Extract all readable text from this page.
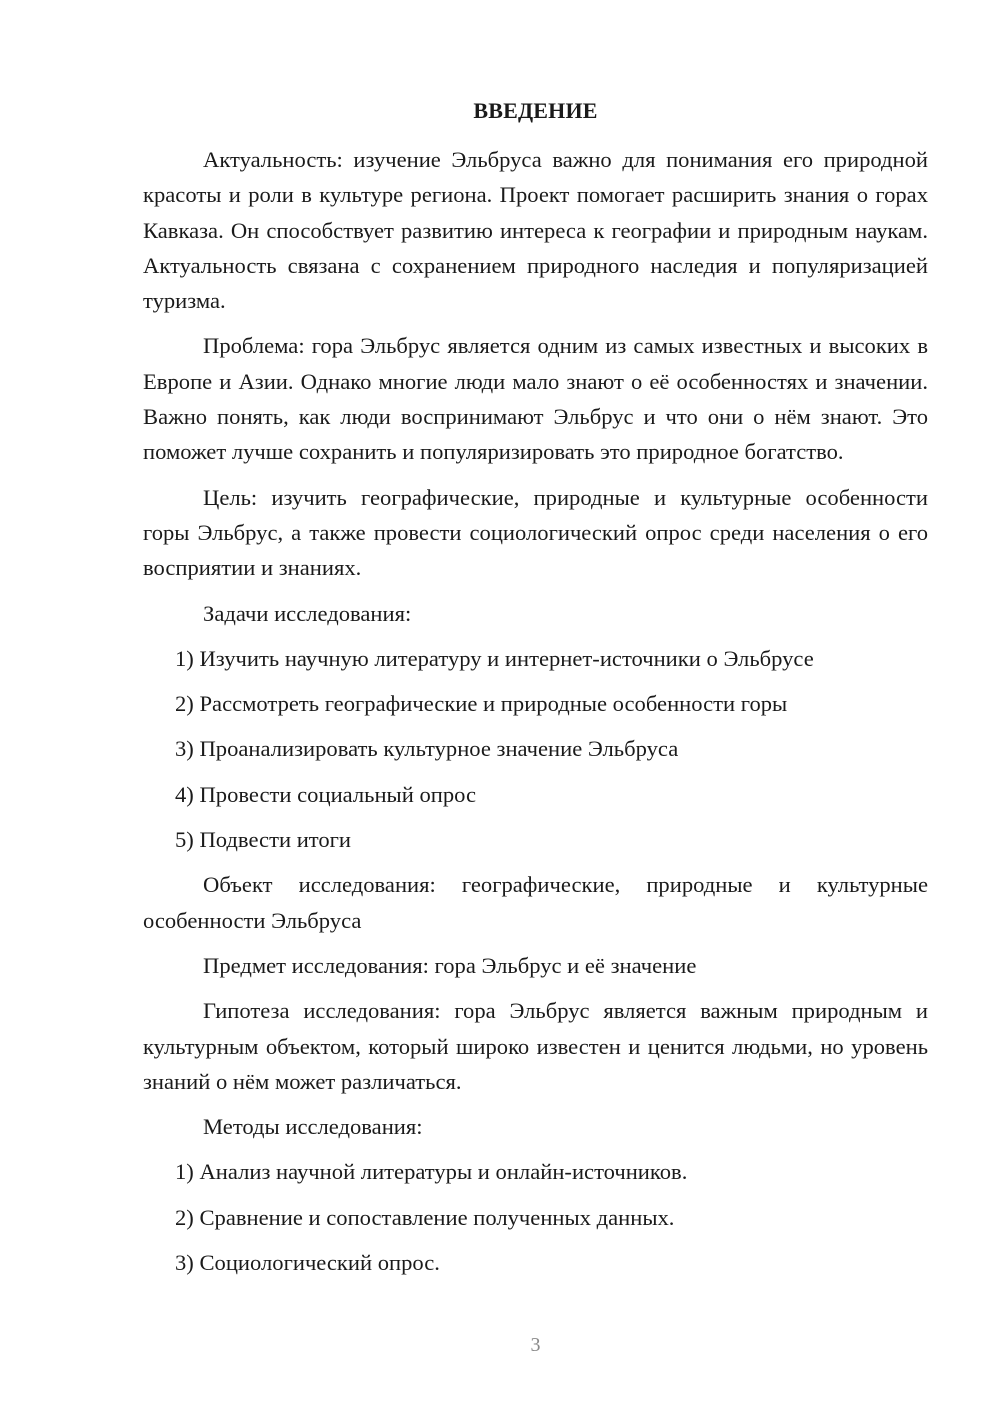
ВВЕДЕНИЕ

Актуальность: изучение Эльбруса важно для понимания его природной красоты и роли в культуре региона. Проект помогает расширить знания о горах Кавказа. Он способствует развитию интереса к географии и природным наукам. Актуальность связана с сохранением природного наследия и популяризацией туризма.

Проблема: гора Эльбрус является одним из самых известных и высоких в Европе и Азии. Однако многие люди мало знают о её особенностях и значении. Важно понять, как люди воспринимают Эльбрус и что они о нём знают. Это поможет лучше сохранить и популяризировать это природное богатство.

Цель: изучить географические, природные и культурные особенности горы Эльбрус, а также провести социологический опрос среди населения о его восприятии и знаниях.

Задачи исследования:

1) Изучить научную литературу и интернет-источники о Эльбрусе
2) Рассмотреть географические и природные особенности горы
3) Проанализировать культурное значение Эльбруса
4) Провести социальный опрос
5) Подвести итоги

Объект исследования: географические, природные и культурные особенности Эльбруса

Предмет исследования: гора Эльбрус и её значение

Гипотеза исследования: гора Эльбрус является важным природным и культурным объектом, который широко известен и ценится людьми, но уровень знаний о нём может различаться.

Методы исследования:

1) Анализ научной литературы и онлайн-источников.
2) Сравнение и сопоставление полученных данных.
3) Социологический опрос.
3
